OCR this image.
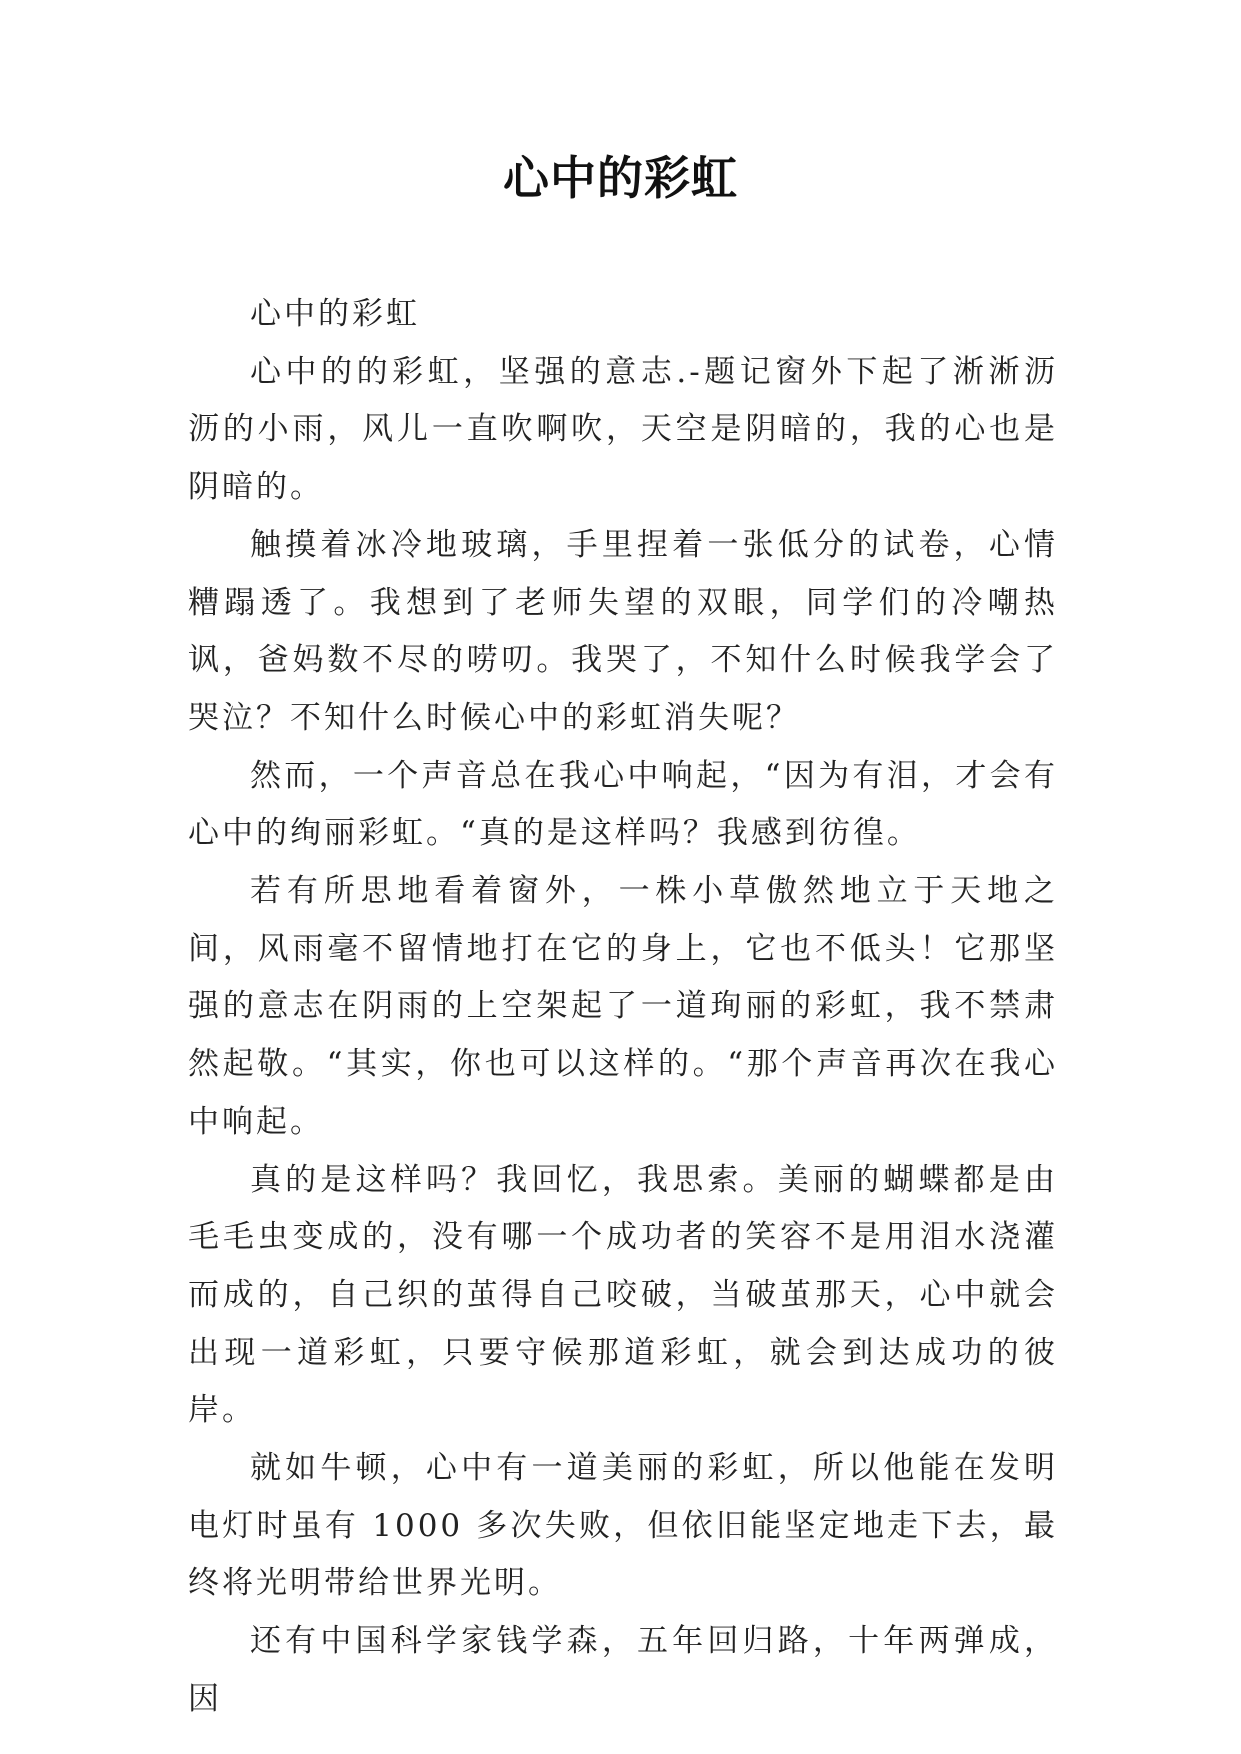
心中的彩虹

心中的彩虹

心中的的彩虹，坚强的意志.-题记窗外下起了淅淅沥沥的小雨，风儿一直吹啊吹，天空是阴暗的，我的心也是阴暗的。

触摸着冰冷地玻璃，手里捏着一张低分的试卷，心情糟蹋透了。我想到了老师失望的双眼，同学们的冷嘲热讽，爸妈数不尽的唠叨。我哭了，不知什么时候我学会了哭泣？不知什么时候心中的彩虹消失呢？

然而，一个声音总在我心中响起，“因为有泪，才会有心中的绚丽彩虹。“真的是这样吗？我感到彷徨。

若有所思地看着窗外，一株小草傲然地立于天地之间，风雨毫不留情地打在它的身上，它也不低头！它那坚强的意志在阴雨的上空架起了一道珣丽的彩虹，我不禁肃然起敬。“其实，你也可以这样的。“那个声音再次在我心中响起。

真的是这样吗？我回忆，我思索。美丽的蝴蝶都是由毛毛虫变成的，没有哪一个成功者的笑容不是用泪水浇灌而成的，自己织的茧得自己咬破，当破茧那天，心中就会出现一道彩虹，只要守候那道彩虹，就会到达成功的彼岸。

就如牛顿，心中有一道美丽的彩虹，所以他能在发明电灯时虽有 1000 多次失败，但依旧能坚定地走下去，最终将光明带给世界光明。

还有中国科学家钱学森，五年回归路，十年两弹成，因
